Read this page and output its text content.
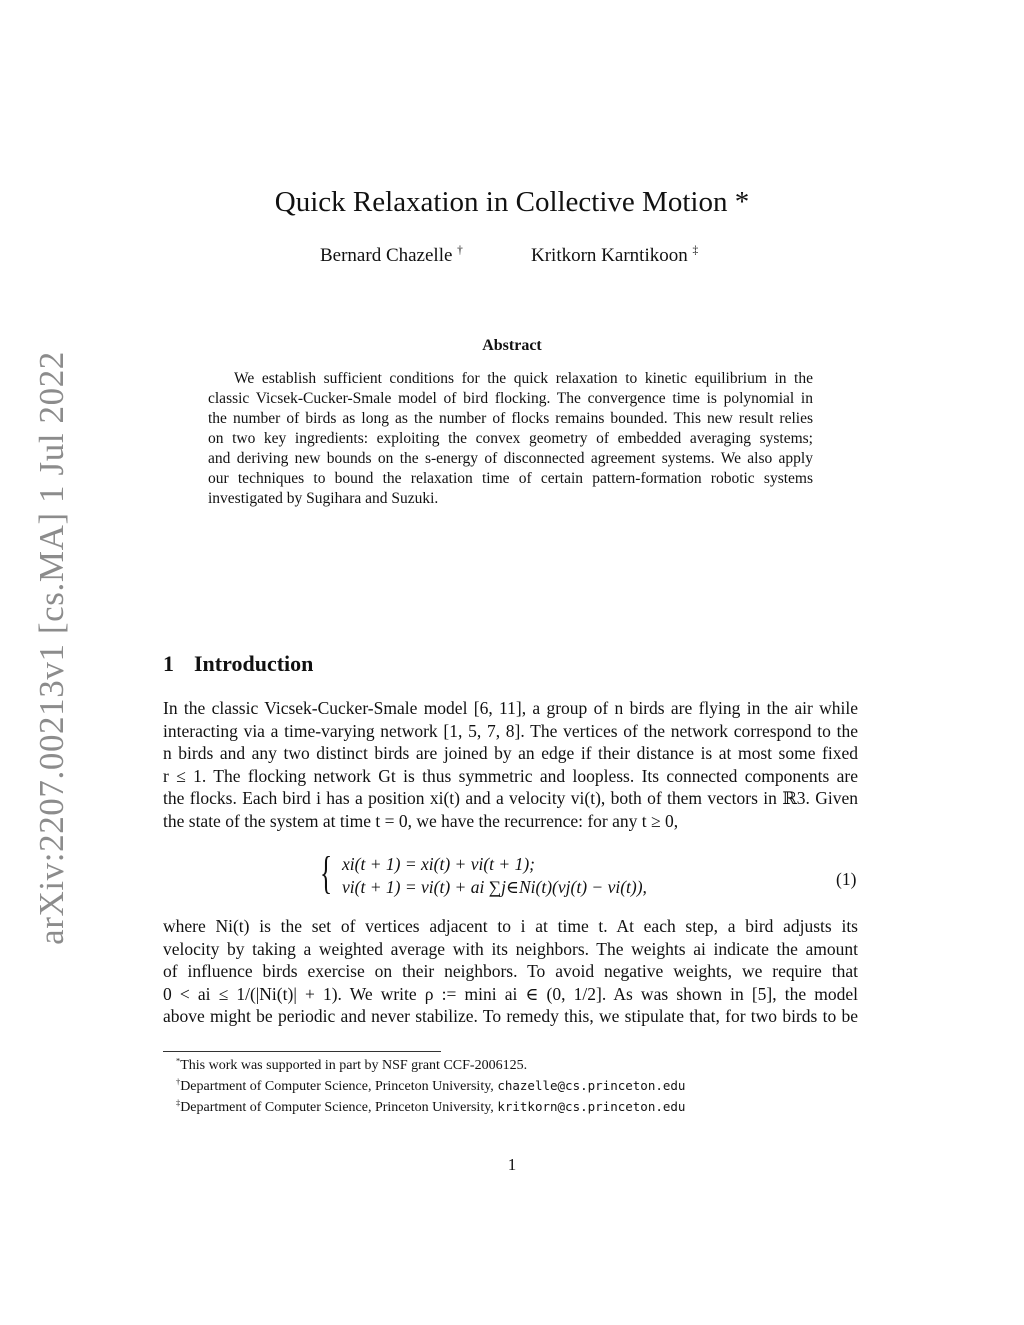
arXiv:2207.00213v1 [cs.MA] 1 Jul 2022
Quick Relaxation in Collective Motion *
Bernard Chazelle †	Kritkorn Karntikoon ‡
Abstract
We establish sufficient conditions for the quick relaxation to kinetic equilibrium in the
classic Vicsek-Cucker-Smale model of bird flocking. The convergence time is polynomial in
the number of birds as long as the number of flocks remains bounded. This new result relies
on two key ingredients: exploiting the convex geometry of embedded averaging systems;
and deriving new bounds on the s-energy of disconnected agreement systems. We also apply
our techniques to bound the relaxation time of certain pattern-formation robotic systems
investigated by Sugihara and Suzuki.
1 Introduction
In the classic Vicsek-Cucker-Smale model [6, 11], a group of n birds are flying in the air while
interacting via a time-varying network [1, 5, 7, 8]. The vertices of the network correspond to the
n birds and any two distinct birds are joined by an edge if their distance is at most some fixed
r ≤ 1. The flocking network Gt is thus symmetric and loopless. Its connected components are
the flocks. Each bird i has a position xi(t) and a velocity vi(t), both of them vectors in ℝ3. Given
the state of the system at time t = 0, we have the recurrence: for any t ≥ 0,
{ xi(t + 1) = xi(t) + vi(t + 1);
vi(t + 1) = vi(t) + ai ∑j∈Ni(t)(vj(t) − vi(t)),	(1)
where Ni(t) is the set of vertices adjacent to i at time t. At each step, a bird adjusts its
velocity by taking a weighted average with its neighbors. The weights ai indicate the amount
of influence birds exercise on their neighbors. To avoid negative weights, we require that
0 < ai ≤ 1/(|Ni(t)| + 1). We write ρ := mini ai ∈ (0, 1/2]. As was shown in [5], the model
above might be periodic and never stabilize. To remedy this, we stipulate that, for two birds to be
*This work was supported in part by NSF grant CCF-2006125.
†Department of Computer Science, Princeton University, chazelle@cs.princeton.edu
‡Department of Computer Science, Princeton University, kritkorn@cs.princeton.edu
1
